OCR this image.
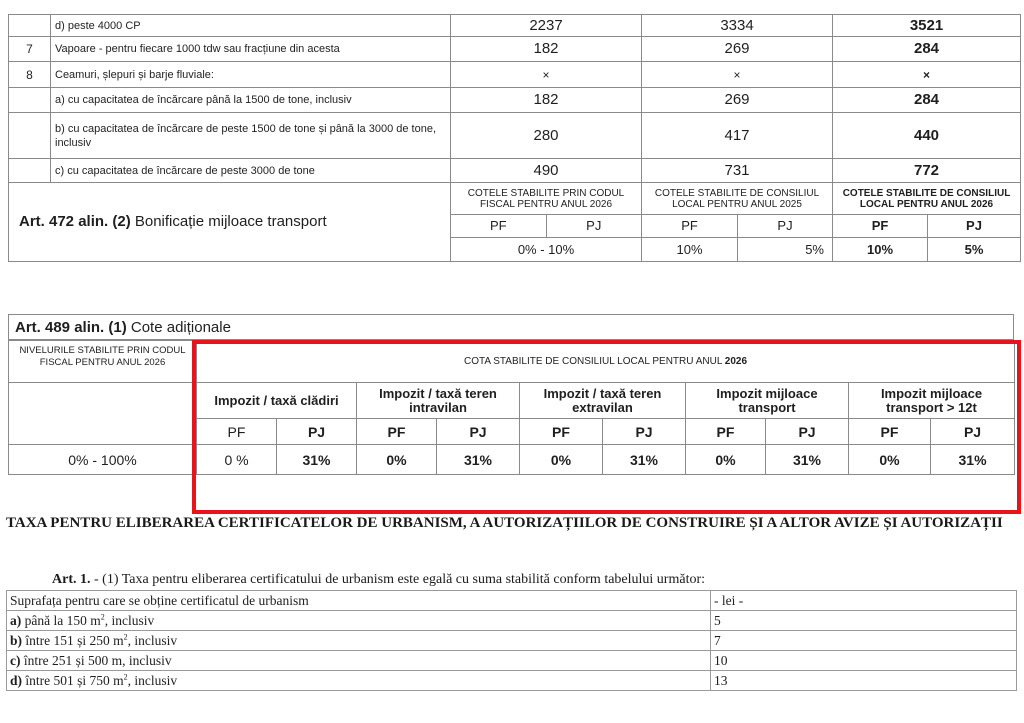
	d) peste 4000 CP	2237	3334		3521	
7	Vapoare - pentru fiecare 1000 tdw sau fracțiune din acesta	182	269		284	
8	Ceamuri, șlepuri și barje fluviale:	×	×		×	
	a) cu capacitatea de încărcare până la 1500 de tone, inclusiv	182	269		284	
	b) cu capacitatea de încărcare de peste 1500 de tone și până la 3000 de tone, inclusiv	280	417		440	
	c) cu capacitatea de încărcare de peste 3000 de tone	490	731		772	
Art. 472 alin. (2) Bonificație mijloace transport		COTELE STABILITE PRIN CODUL FISCAL PENTRU ANUL 2026	COTELE STABILITE DE CONSILIUL LOCAL PENTRU ANUL 2025		COTELE STABILITE DE CONSILIUL LOCAL PENTRU ANUL 2026	

		PF PJ	PF	PJ	PF	PJ
		0% - 10%	10%	5%	10%	5%
Art. 489 alin. (1) Cote adiționale
NIVELURILE STABILITE PRIN CODUL FISCAL PENTRU ANUL 2026	COTA STABILITE DE CONSILIUL LOCAL PENTRU ANUL 2026									
	Impozit / taxă clădiri		Impozit / taxă teren intravilan		Impozit / taxă teren extravilan		Impozit mijloace transport		Impozit mijloace transport > 12t	
	PF	PJ	PF	PJ	PF	PJ	PF	PJ	PF	PJ
0% - 100%	0 %	31%	0%	31%	0%	31%	0%	31%	0%	31%
TAXA PENTRU ELIBERAREA CERTIFICATELOR DE URBANISM, A AUTORIZAȚIILOR DE CONSTRUIRE ȘI A ALTOR AVIZE ȘI AUTORIZAȚII
Art. 1. - (1) Taxa pentru eliberarea certificatului de urbanism este egală cu suma stabilită conform tabelului următor:
Suprafața pentru care se obține certificatul de urbanism	- lei -
a) până la 150 $m^2$, inclusiv	5
b) între 151 și 250 $m^2$, inclusiv	7
c) între 251 și 500 m, inclusiv	10
d) între 501 și 750 $m^2$, inclusiv	13
